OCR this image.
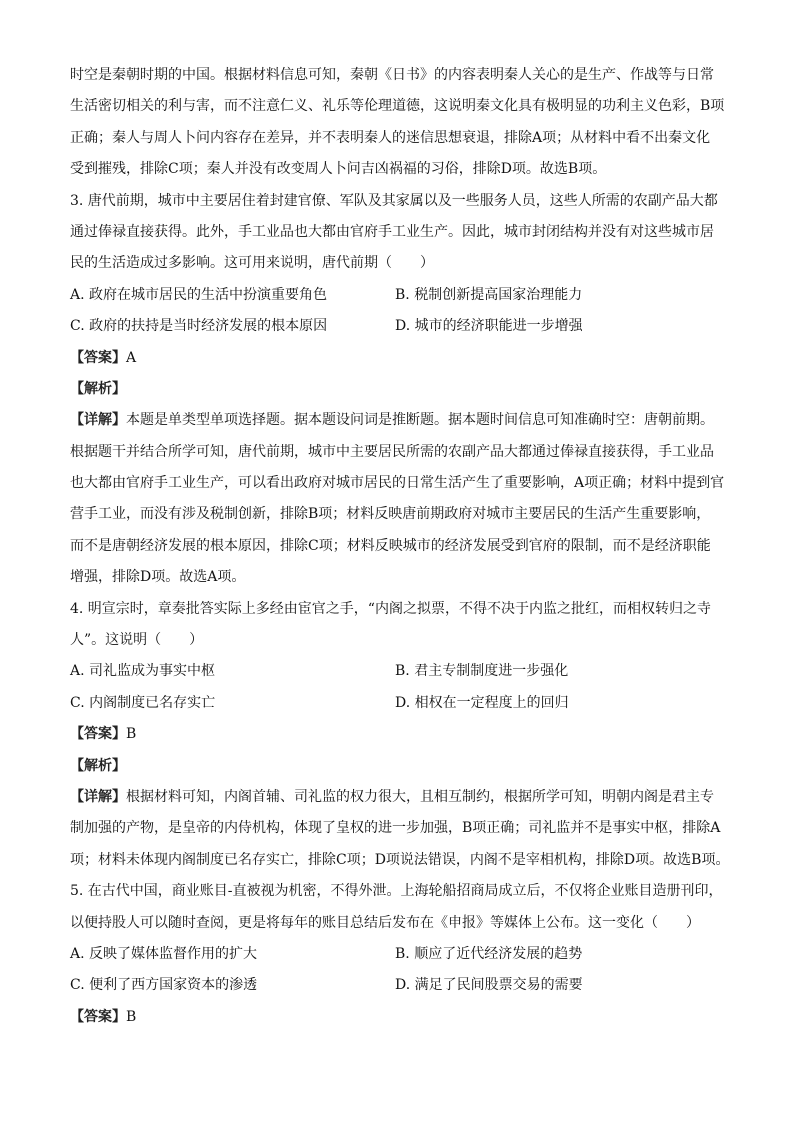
时空是秦朝时期的中国。根据材料信息可知，秦朝《日书》的内容表明秦人关心的是生产、作战等与日常
生活密切相关的利与害，而不注意仁义、礼乐等伦理道德，这说明秦文化具有极明显的功利主义色彩，B项
正确；秦人与周人卜问内容存在差异，并不表明秦人的迷信思想衰退，排除A项；从材料中看不出秦文化
受到摧残，排除C项；秦人并没有改变周人卜问吉凶祸福的习俗，排除D项。故选B项。
3. 唐代前期，城市中主要居住着封建官僚、军队及其家属以及一些服务人员，这些人所需的农副产品大都
通过俸禄直接获得。此外，手工业品也大都由官府手工业生产。因此，城市封闭结构并没有对这些城市居
民的生活造成过多影响。这可用来说明，唐代前期（　　）
A. 政府在城市居民的生活中扮演重要角色	B. 税制创新提高国家治理能力
C. 政府的扶持是当时经济发展的根本原因	D. 城市的经济职能进一步增强
【答案】 A
【解析】
【详解】本题是单类型单项选择题。据本题设问词是推断题。据本题时间信息可知准确时空：唐朝前期。
根据题干并结合所学可知，唐代前期，城市中主要居民所需的农副产品大都通过俸禄直接获得，手工业品
也大都由官府手工业生产，可以看出政府对城市居民的日常生活产生了重要影响，A项正确；材料中提到官
营手工业，而没有涉及税制创新，排除B项；材料反映唐前期政府对城市主要居民的生活产生重要影响，
而不是唐朝经济发展的根本原因，排除C项；材料反映城市的经济发展受到官府的限制，而不是经济职能
增强，排除D项。故选A项。
4. 明宣宗时，章奏批答实际上多经由宦官之手，“内阁之拟票，不得不决于内监之批红，而相权转归之寺
人”。这说明（　　）
A. 司礼监成为事实中枢	B. 君主专制制度进一步强化
C. 内阁制度已名存实亡	D. 相权在一定程度上的回归
【答案】 B
【解析】
【详解】根据材料可知，内阁首辅、司礼监的权力很大，且相互制约，根据所学可知，明朝内阁是君主专
制加强的产物，是皇帝的内侍机构，体现了皇权的进一步加强，B项正确；司礼监并不是事实中枢，排除A
项；材料未体现内阁制度已名存实亡，排除C项；D项说法错误，内阁不是宰相机构，排除D项。故选B项。
5. 在古代中国，商业账目-直被视为机密，不得外泄。上海轮船招商局成立后，不仅将企业账目造册刊印，
以便持股人可以随时查阅，更是将每年的账目总结后发布在《申报》等媒体上公布。这一变化（　　）
A. 反映了媒体监督作用的扩大	B. 顺应了近代经济发展的趋势
C. 便利了西方国家资本的渗透	D. 满足了民间股票交易的需要
【答案】 B
